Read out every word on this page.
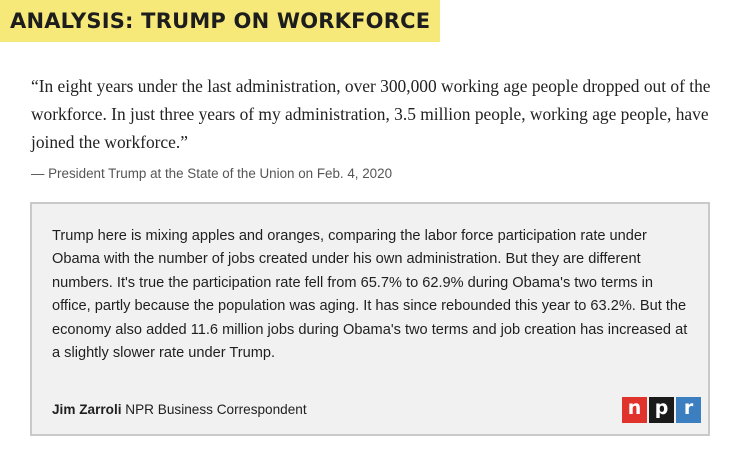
ANALYSIS: TRUMP ON WORKFORCE
“In eight years under the last administration, over 300,000 working age people dropped out of the workforce. In just three years of my administration, 3.5 million people, working age people, have joined the workforce.”
— President Trump at the State of the Union on Feb. 4, 2020
Trump here is mixing apples and oranges, comparing the labor force participation rate under Obama with the number of jobs created under his own administration. But they are different numbers. It's true the participation rate fell from 65.7% to 62.9% during Obama's two terms in office, partly because the population was aging. It has since rebounded this year to 63.2%. But the economy also added 11.6 million jobs during Obama's two terms and job creation has increased at a slightly slower rate under Trump.
Jim Zarroli NPR Business Correspondent	n p r
